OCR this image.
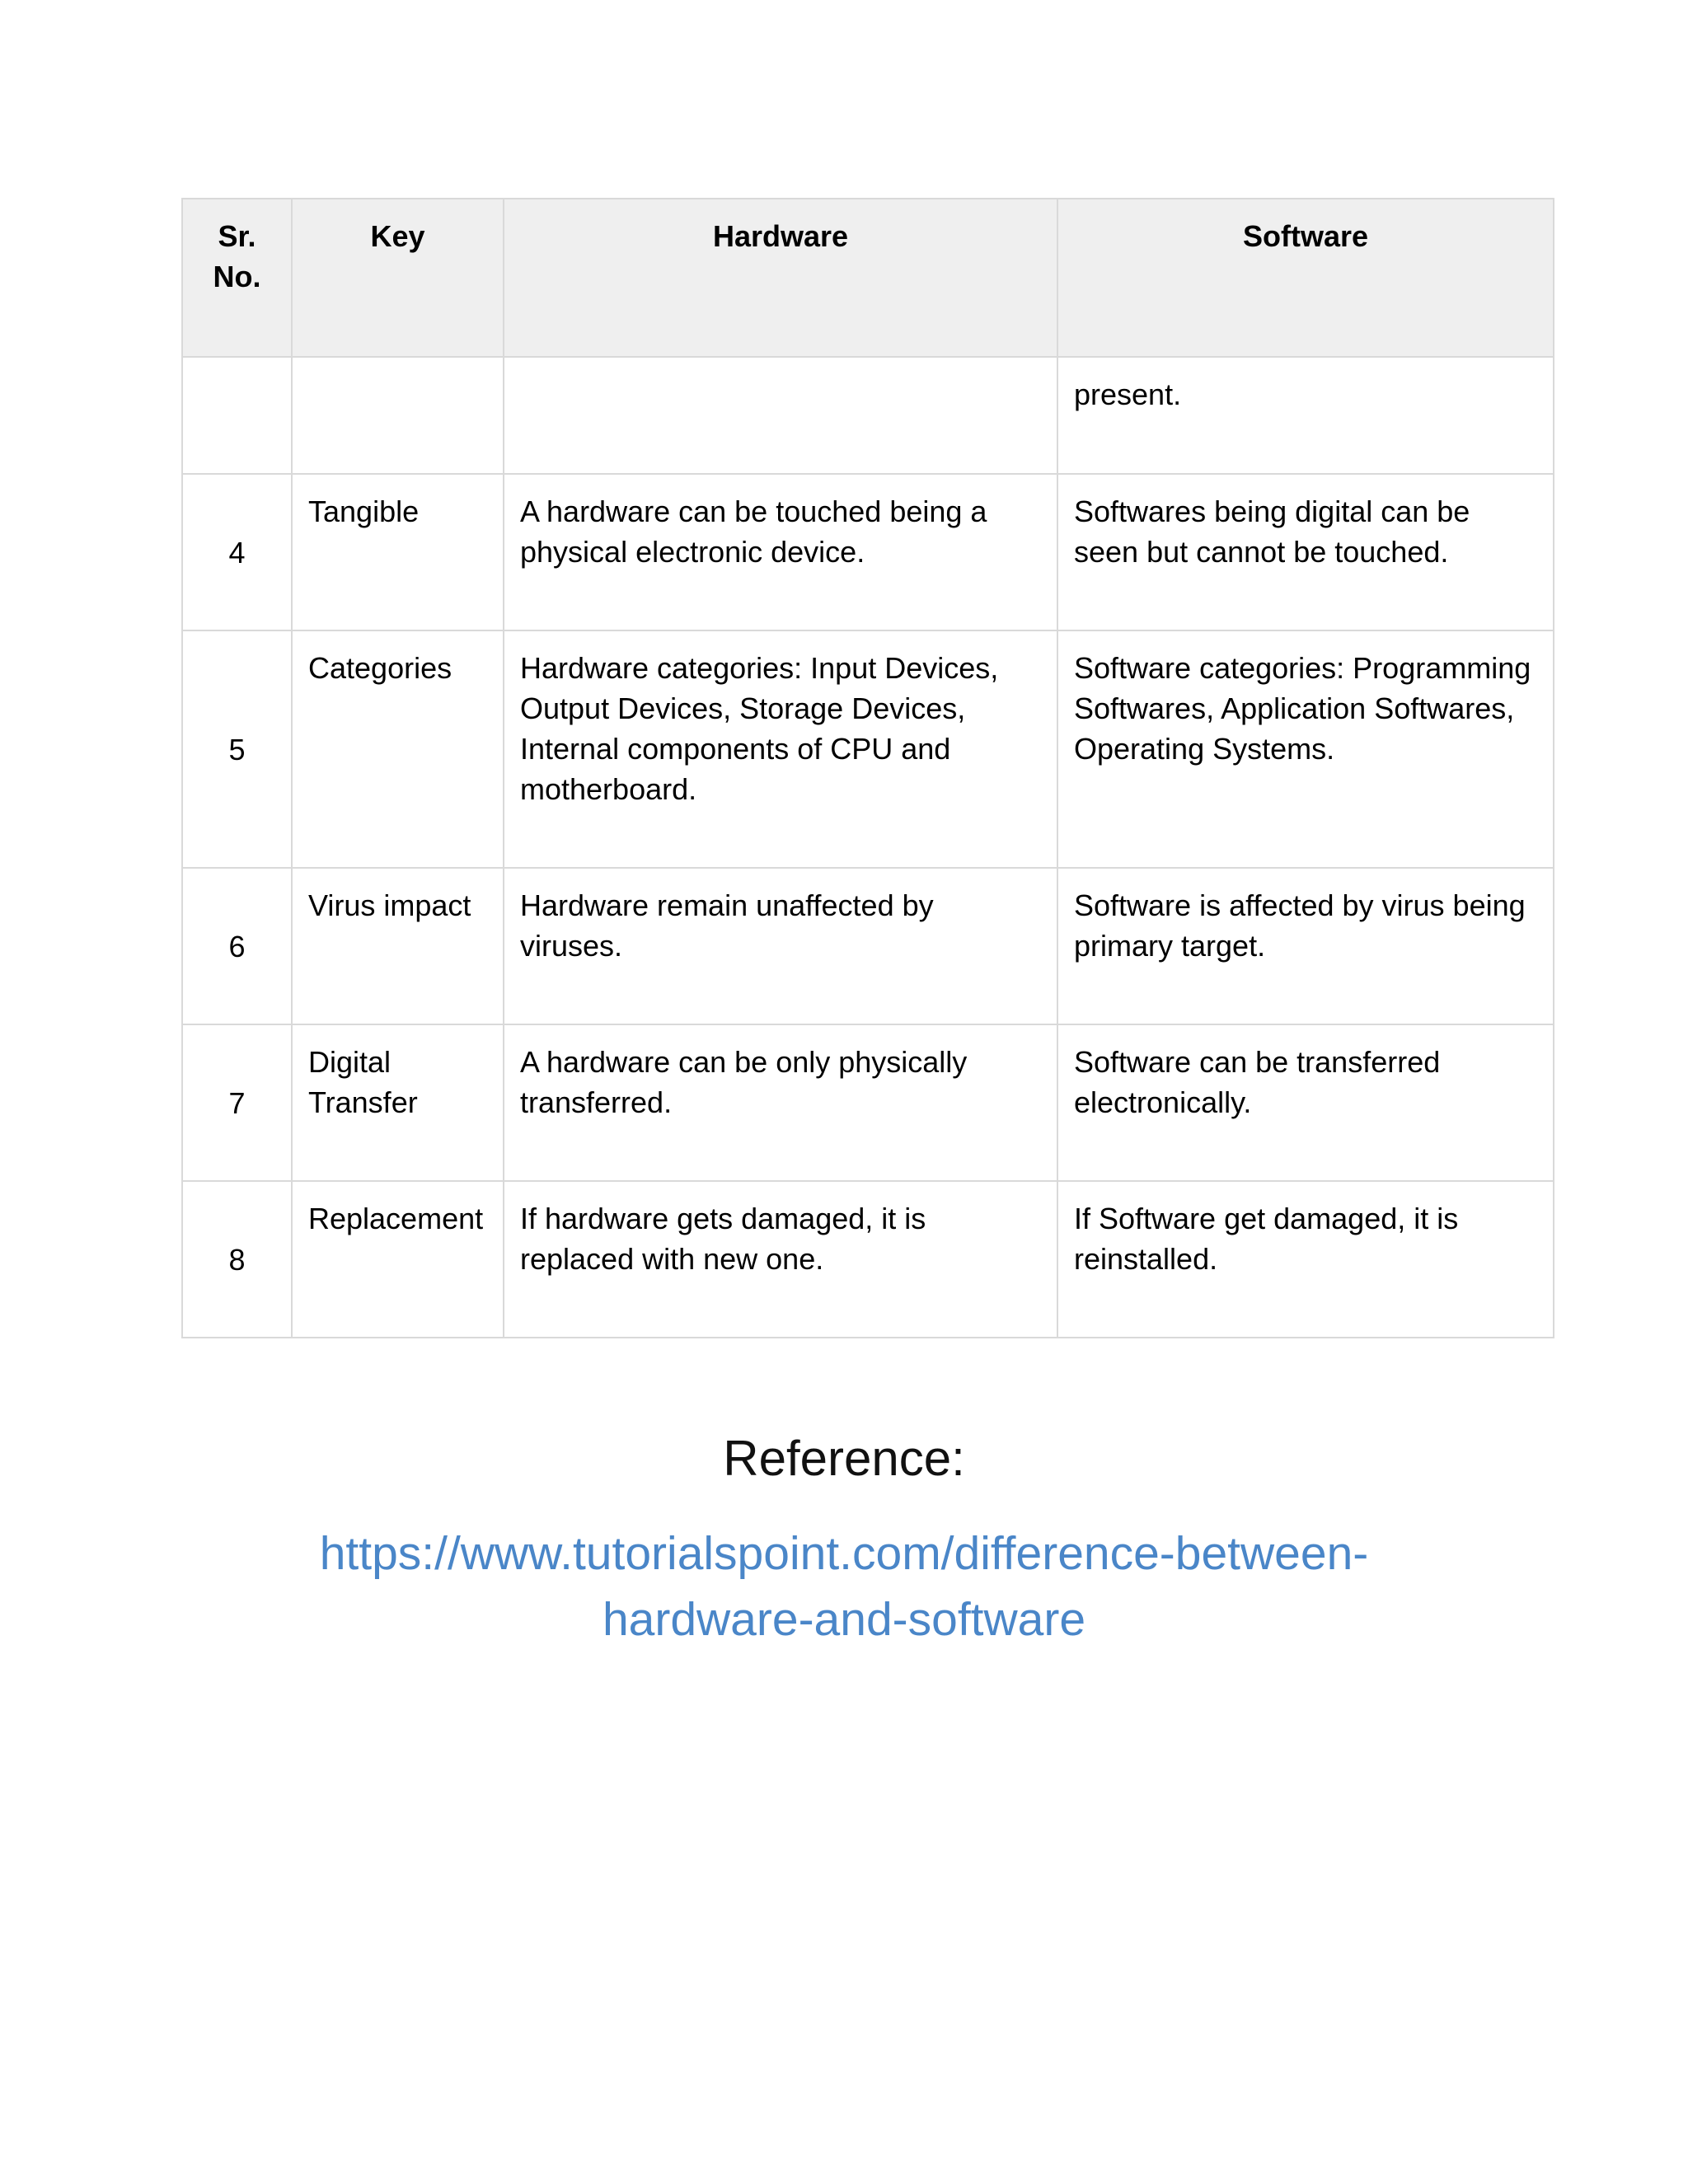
Sr.
No.	Key	Hardware	Software
			present.
4	Tangible	A hardware can be touched being a physical electronic device.	Softwares being digital can be seen but cannot be touched.
5	Categories	Hardware categories: Input Devices, Output Devices, Storage Devices, Internal components of CPU and motherboard.	Software categories: Programming Softwares, Application Softwares, Operating Systems.
6	Virus impact	Hardware remain unaffected by viruses.	Software is affected by virus being primary target.
7	Digital Transfer	A hardware can be only physically transferred.	Software can be transferred electronically.
8	Replacement	If hardware gets damaged, it is replaced with new one.	If Software get damaged, it is reinstalled.
Reference:
https://www.tutorialspoint.com/difference-between-hardware-and-software
